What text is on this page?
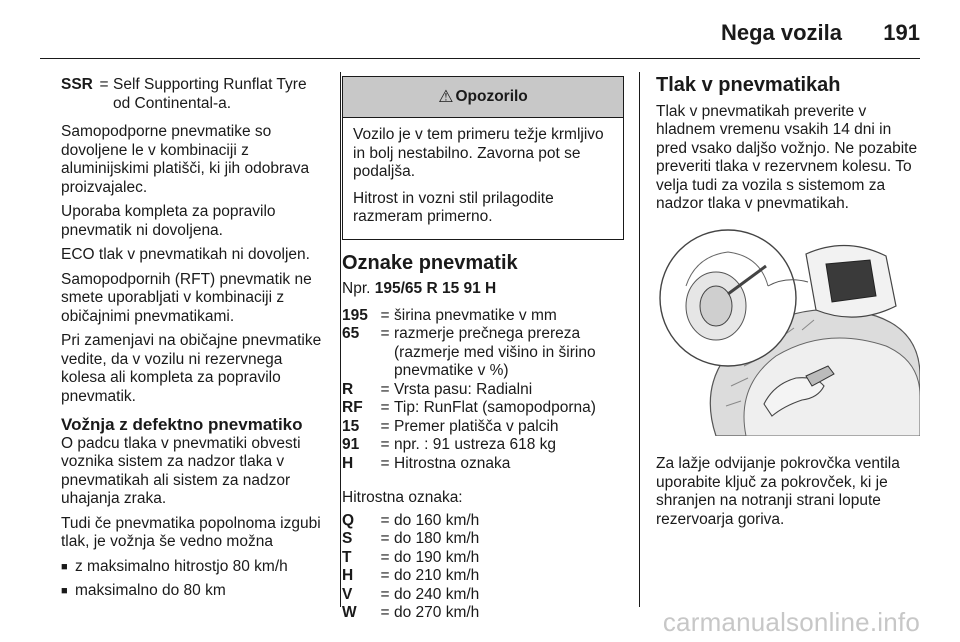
Nega vozila 191
SSR = Self Supporting Runflat Tyre od Continental-a.

Samopodporne pnevmatike so dovoljene le v kombinaciji z aluminijskimi platišči, ki jih odobrava proizvajalec.

Uporaba kompleta za popravilo pnevmatik ni dovoljena.

ECO tlak v pnevmatikah ni dovoljen.

Samopodpornih (RFT) pnevmatik ne smete uporabljati v kombinaciji z običajnimi pnevmatikami.

Pri zamenjavi na običajne pnevmatike vedite, da v vozilu ni rezervnega kolesa ali kompleta za popravilo pnevmatik.

Vožnja z defektno pnevmatiko

O padcu tlaka v pnevmatiki obvesti voznika sistem za nadzor tlaka v pnevmatikah ali sistem za nadzor uhajanja zraka.

Tudi če pnevmatika popolnoma izgubi tlak, je vožnja še vedno možna

■ z maksimalno hitrostjo 80 km/h
■ maksimalno do 80 km
⚠ Opozorilo

Vozilo je v tem primeru težje krmljivo in bolj nestabilno. Zavorna pot se podaljša.

Hitrost in vozni stil prilagodite razmeram primerno.

Oznake pnevmatik

Npr. 195/65 R 15 91 H

195 = širina pnevmatike v mm
65	= razmerje prečnega prereza (razmerje med višino in širino pnevmatike v %)
R	= Vrsta pasu: Radialni
RF	= Tip: RunFlat (samopodporna)
15	= Premer platišča v palcih
91	= npr. : 91 ustreza 618 kg
H	= Hitrostna oznaka

Hitrostna oznaka:

Q	= do 160 km/h
S	= do 180 km/h
T	= do 190 km/h
H	= do 210 km/h
V	= do 240 km/h
W	= do 270 km/h
Tlak v pnevmatikah

Tlak v pnevmatikah preverite v hladnem vremenu vsakih 14 dni in pred vsako daljšo vožnjo. Ne pozabite preveriti tlaka v rezervnem kolesu. To velja tudi za vozila s sistemom za nadzor tlaka v pnevmatikah.

Za lažje odvijanje pokrovčka ventila uporabite ključ za pokrovček, ki je shranjen na notranji strani lopute rezervoarja goriva.

carmanualsonline.info
